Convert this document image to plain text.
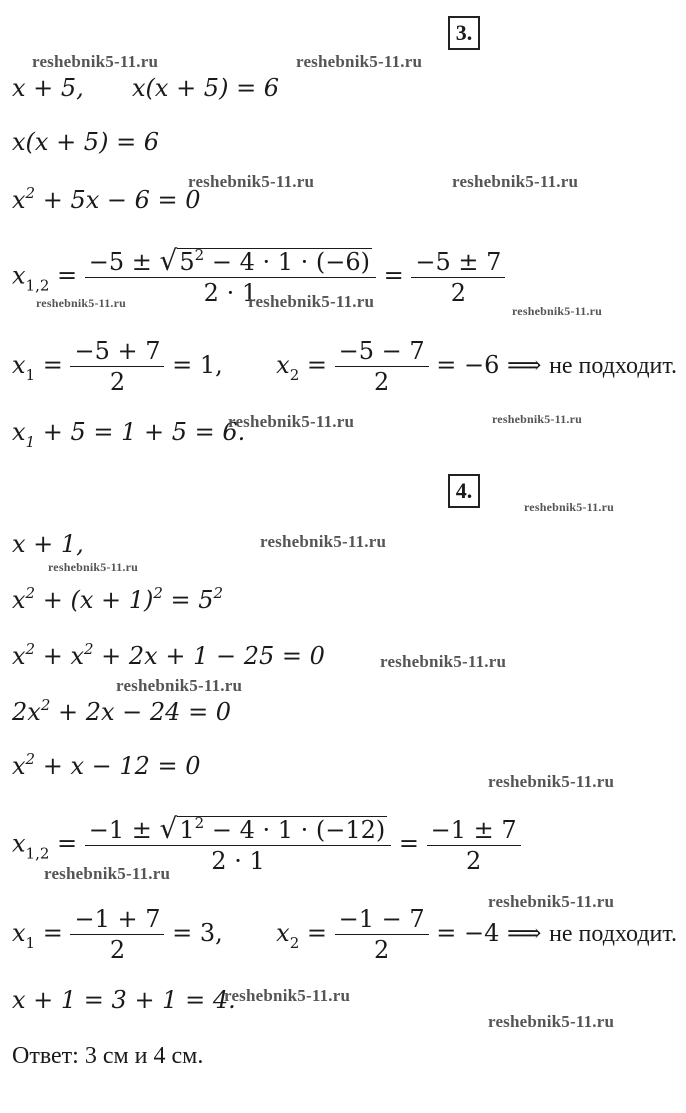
3.
x + 5, x(x + 5) = 6
x(x + 5) = 6
$x^2 + 5x - 6 = 0$
$x_{1,2} = \frac{-5 \pm √5^2 - 4 \cdot 1 \cdot (-6)}{2 \cdot 1} = \frac{-5 \pm 7}{2}$
$x_1 = \frac{-5 + 7}{2} = 1$,       $x_2 = \frac{-5 - 7}{2} = -6$ ⟹ не подходит.
$x_1 + 5 = 1 + 5 = 6$.
4.
x + 1,
$x^2 + (x + 1)^2 = 5^2$
$x^2 + x^2 + 2x + 1 - 25 = 0$
$2x^2 + 2x - 24 = 0$
$x^2 + x - 12 = 0$
$x_{1,2} = \frac{-1 \pm √1^2 - 4 \cdot 1 \cdot (-12)}{2 \cdot 1} = \frac{-1 \pm 7}{2}$
$x_1 = \frac{-1 + 7}{2} = 3$,       $x_2 = \frac{-1 - 7}{2} = -4$ ⟹ не подходит.
x + 1 = 3 + 1 = 4.
Ответ: 3 см и 4 см.
reshebnik5-11.ru	reshebnik5-11.ru
reshebnik5-11.ru	reshebnik5-11.ru
reshebnik5-11.ru	reshebnik5-11.ru	reshebnik5-11.ru
reshebnik5-11.ru	reshebnik5-11.ru
reshebnik5-11.ru
reshebnik5-11.ru
reshebnik5-11.ru
reshebnik5-11.ru
reshebnik5-11.ru
reshebnik5-11.ru
reshebnik5-11.ru
reshebnik5-11.ru
reshebnik5-11.ru
reshebnik5-11.ru
